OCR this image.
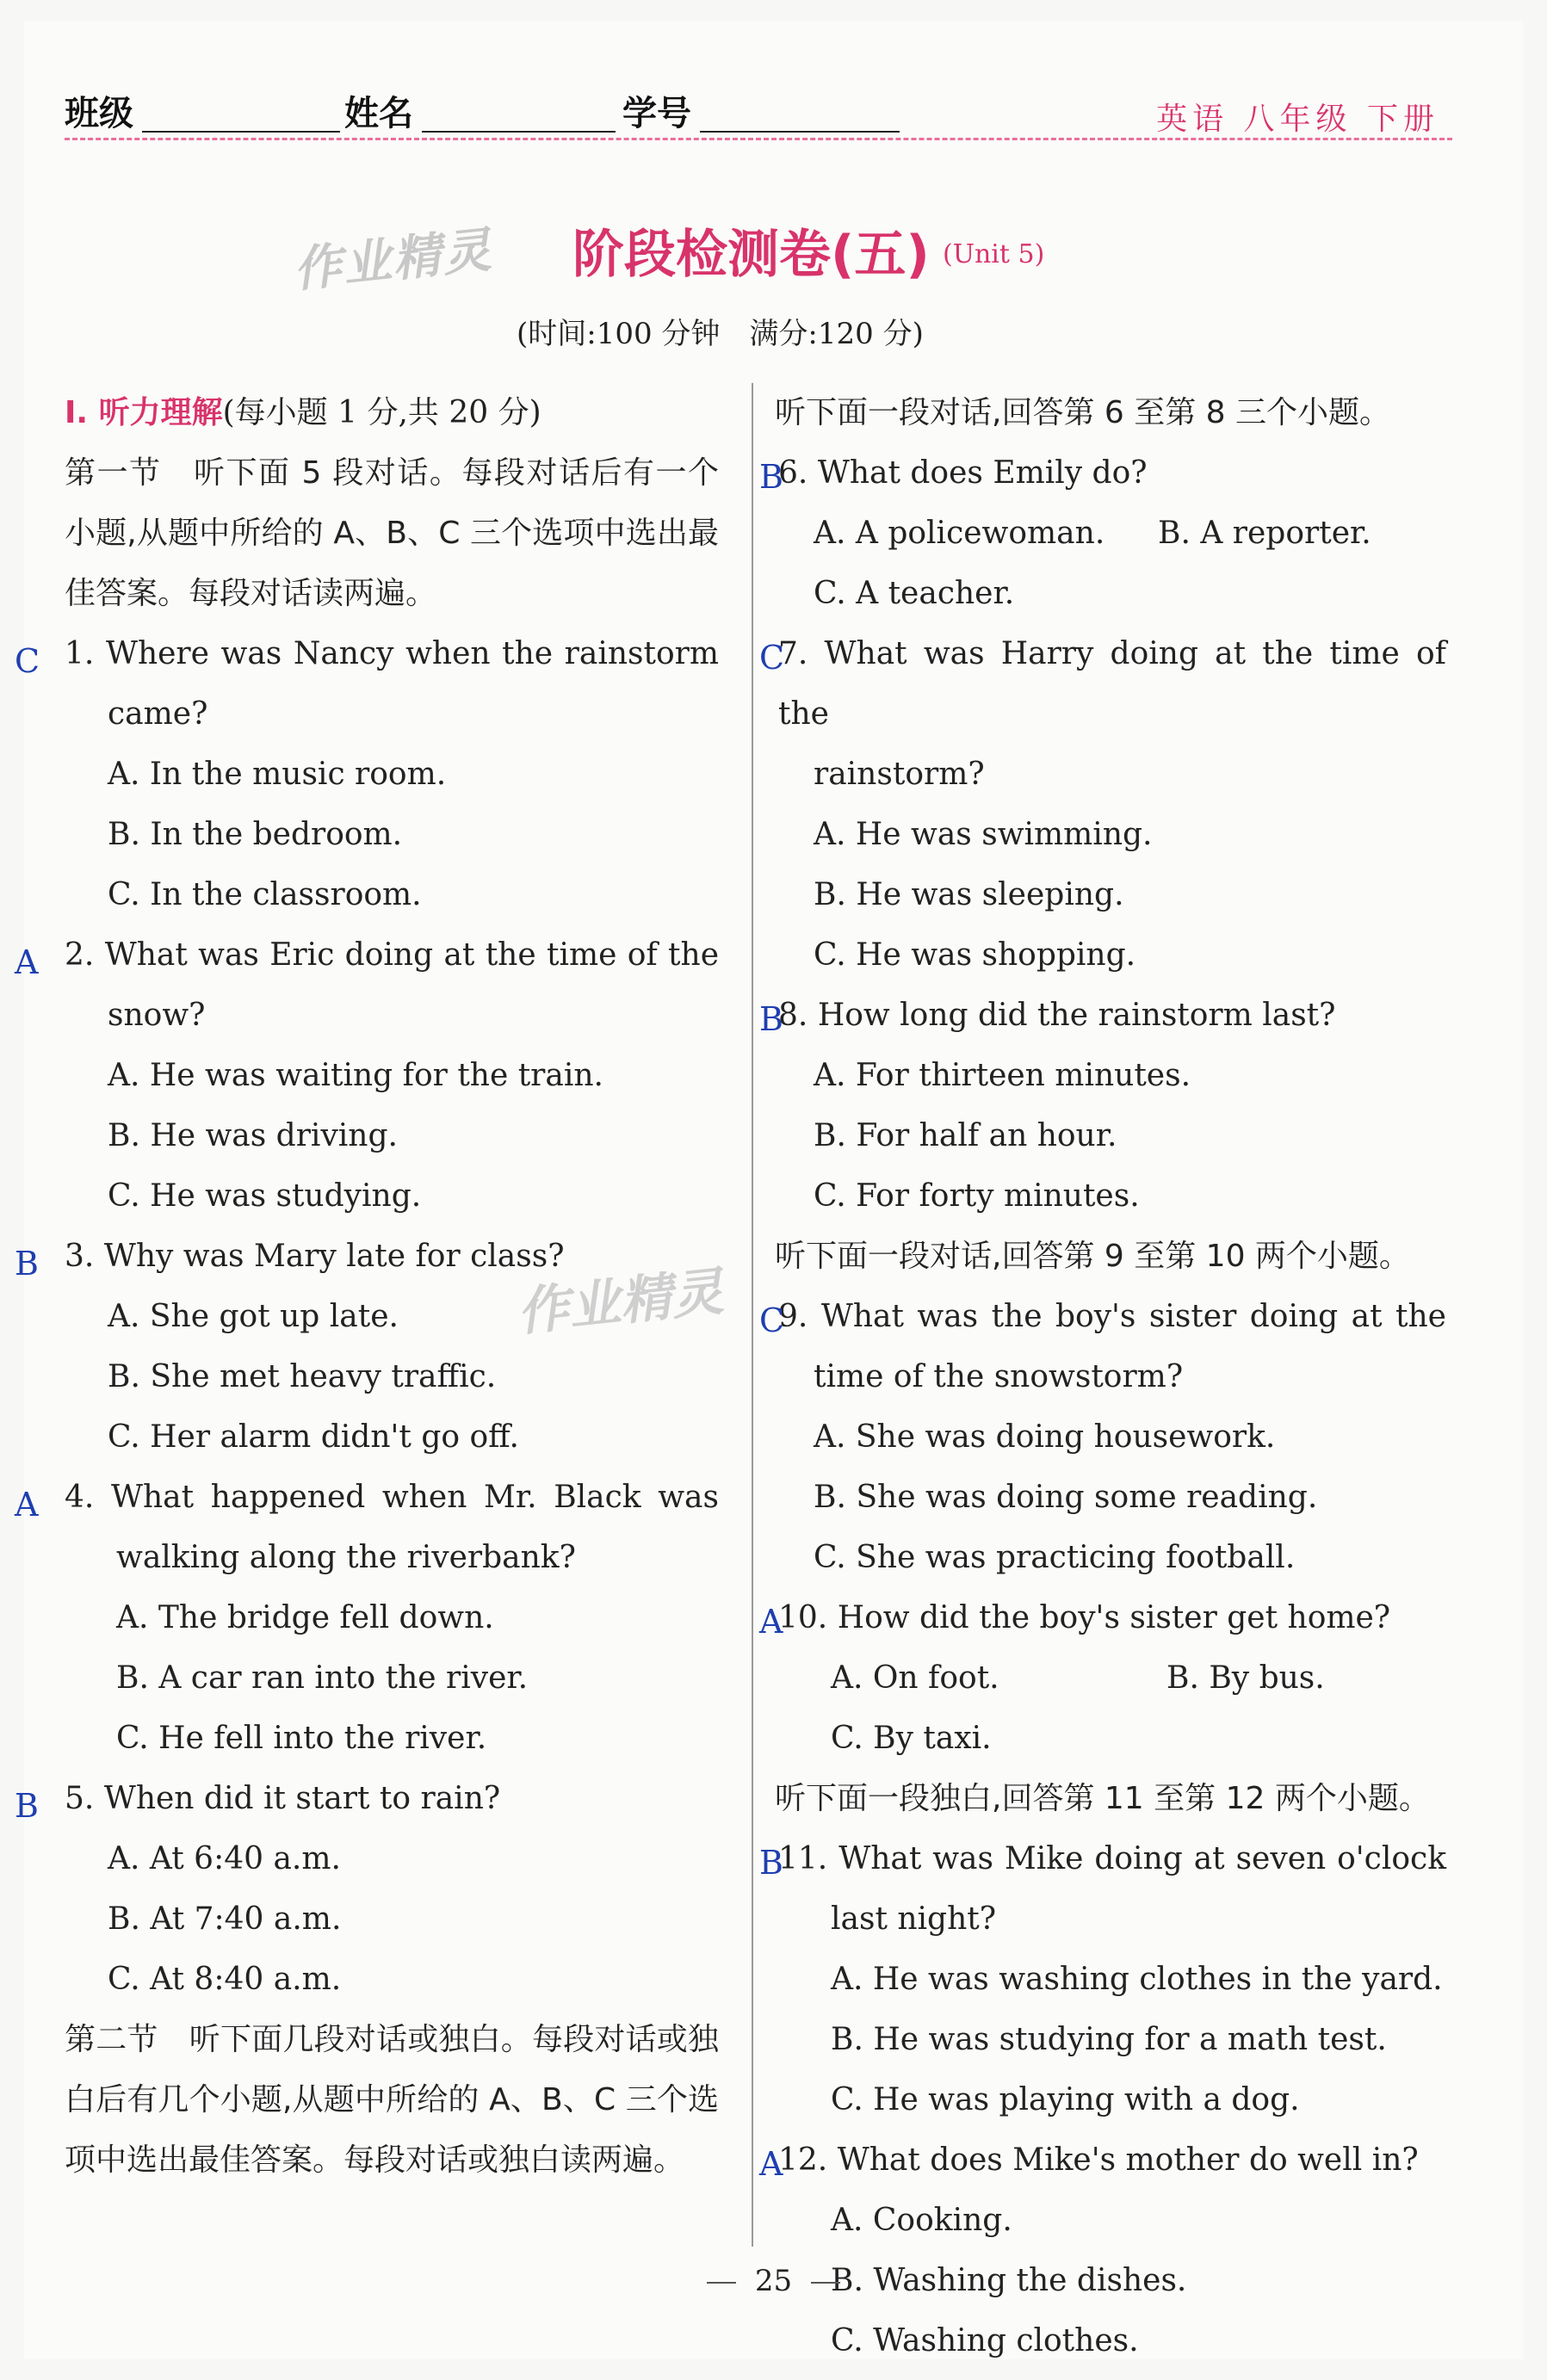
班级	姓名	学号	英语 八年级 下册
作业精灵 阶段检测卷(五) (Unit 5)
(时间:100 分钟　满分:120 分)
Ⅰ. 听力理解(每小题 1 分,共 20 分)
第一节　听下面 5 段对话。每段对话后有一个小题,从题中所给的 A、B、C 三个选项中选出最佳答案。每段对话读两遍。
C 1. Where was Nancy when the rainstorm
came?
A. In the music room.
B. In the bedroom.
C. In the classroom.
A 2. What was Eric doing at the time of the
snow?
A. He was waiting for the train.
B. He was driving.
C. He was studying.
B 3. Why was Mary late for class?
A. She got up late.
B. She met heavy traffic.
C. Her alarm didn't go off.
A 4. What happened when Mr. Black was
walking along the riverbank?
A. The bridge fell down.
B. A car ran into the river.
C. He fell into the river.
B 5. When did it start to rain?
A. At 6:40 a.m.
B. At 7:40 a.m.
C. At 8:40 a.m.
第二节　听下面几段对话或独白。每段对话或独白后有几个小题,从题中所给的 A、B、C 三个选项中选出最佳答案。每段对话或独白读两遍。
听下面一段对话,回答第 6 至第 8 三个小题。
B
6. What does Emily do?
A. A policewoman.	B. A reporter.
C. A teacher.
C
7. What was Harry doing at the time of the
rainstorm?
A. He was swimming.
B. He was sleeping.
C. He was shopping.
B
8. How long did the rainstorm last?
A. For thirteen minutes.
B. For half an hour.
C. For forty minutes.
听下面一段对话,回答第 9 至第 10 两个小题。
C
9. What was the boy's sister doing at the
time of the snowstorm?
A. She was doing housework.
B. She was doing some reading.
C. She was practicing football.
A
10. How did the boy's sister get home?
A. On foot.	B. By bus.
C. By taxi.
听下面一段独白,回答第 11 至第 12 两个小题。
B
11. What was Mike doing at seven o'clock
last night?
A. He was washing clothes in the yard.
B. He was studying for a math test.
C. He was playing with a dog.
A
12. What does Mike's mother do well in?
A. Cooking.
B. Washing the dishes.
C. Washing clothes.
作业精灵
25
